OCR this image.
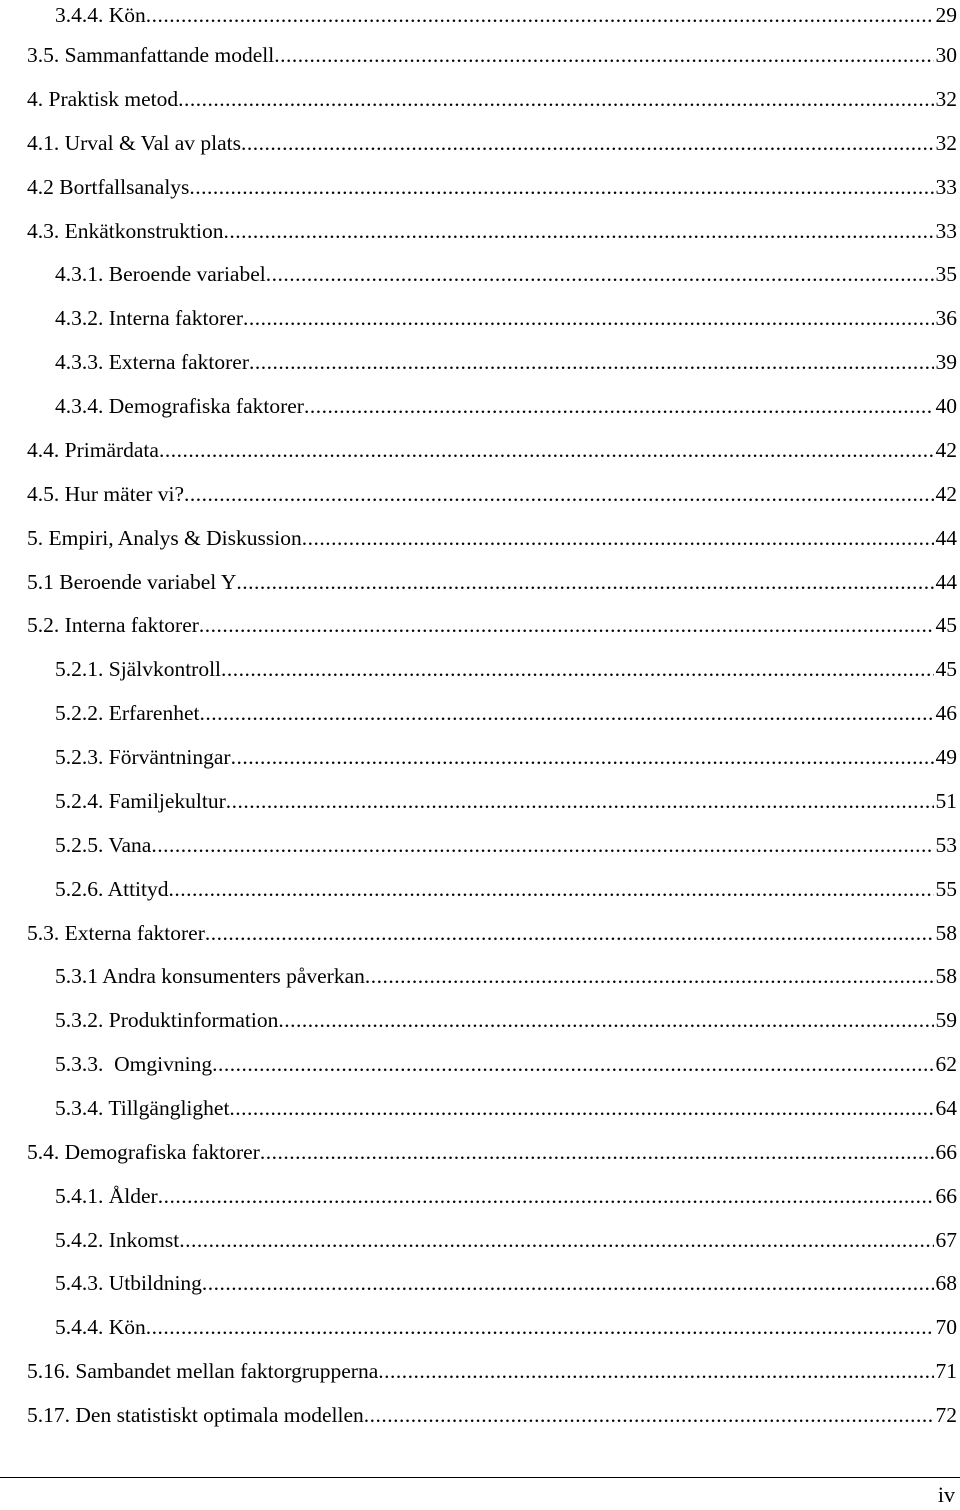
3.4.4. Kön .....	29
3.5. Sammanfattande modell .....	30
4. Praktisk metod .....	32
4.1. Urval & Val av plats .....	32
4.2 Bortfallsanalys .....	33
4.3. Enkätkonstruktion .....	33
4.3.1. Beroende variabel .....	35
4.3.2. Interna faktorer .....	36
4.3.3. Externa faktorer .....	39
4.3.4. Demografiska faktorer .....	40
4.4. Primärdata .....	42
4.5. Hur mäter vi? .....	42
5. Empiri, Analys & Diskussion .....	44
5.1 Beroende variabel Y .....	44
5.2. Interna faktorer .....	45
5.2.1. Självkontroll .....	45
5.2.2. Erfarenhet .....	46
5.2.3. Förväntningar .....	49
5.2.4. Familjekultur .....	51
5.2.5. Vana .....	53
5.2.6. Attityd .....	55
5.3. Externa faktorer .....	58
5.3.1 Andra konsumenters påverkan .....	58
5.3.2. Produktinformation .....	59
5.3.3.  Omgivning .....	62
5.3.4. Tillgänglighet .....	64
5.4. Demografiska faktorer .....	66
5.4.1. Ålder .....	66
5.4.2. Inkomst .....	67
5.4.3. Utbildning .....	68
5.4.4. Kön .....	70
5.16. Sambandet mellan faktorgrupperna .....	71
5.17. Den statistiskt optimala modellen .....	72
iv
